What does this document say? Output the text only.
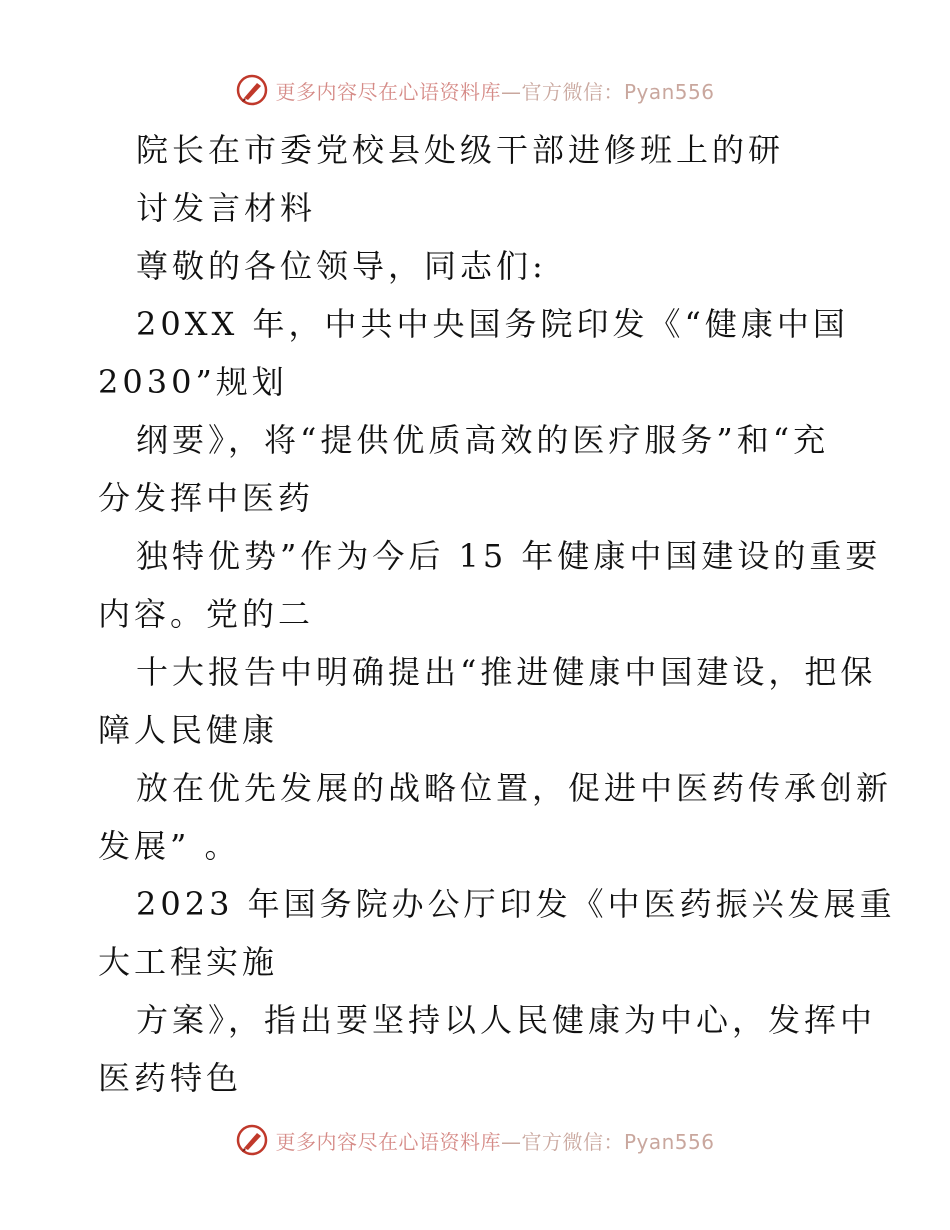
更多内容尽在心语资料库—官方微信：Pyan556
院长在市委党校县处级干部进修班上的研
讨发言材料
尊敬的各位领导，同志们:
20XX 年，中共中央国务院印发《“健康中国
2030”规划
纲要》，将“提供优质高效的医疗服务”和“充
分发挥中医药
独特优势”作为今后 15 年健康中国建设的重要
内容。党的二
十大报告中明确提出“推进健康中国建设，把保
障人民健康
放在优先发展的战略位置，促进中医药传承创新
发展” 。
2023 年国务院办公厅印发《中医药振兴发展重
大工程实施
方案》，指出要坚持以人民健康为中心，发挥中
医药特色
更多内容尽在心语资料库—官方微信：Pyan556
